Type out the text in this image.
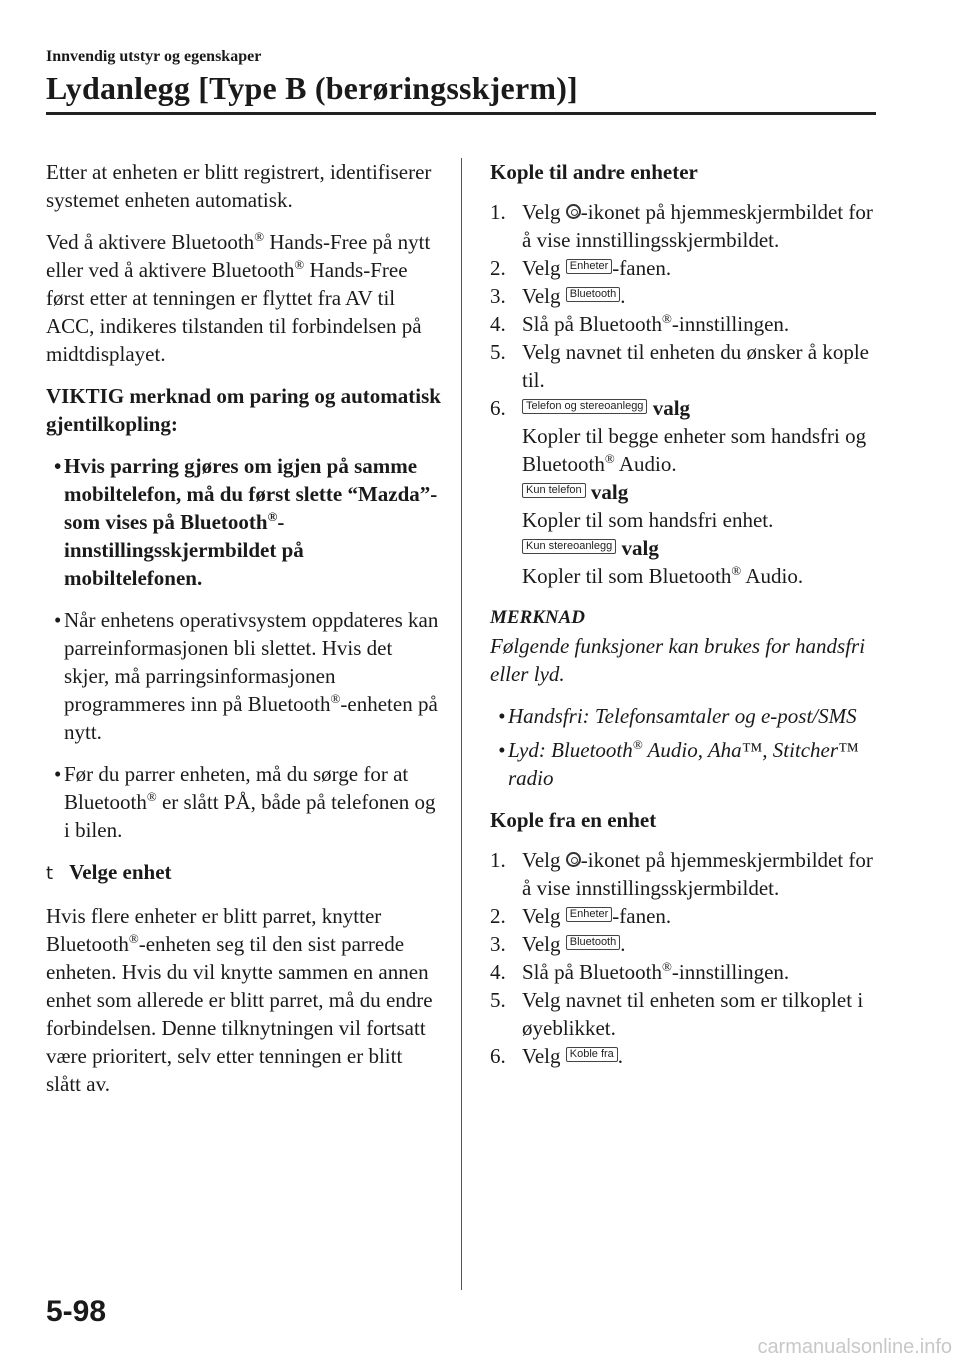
Innvendig utstyr og egenskaper
Lydanlegg [Type B (berøringsskjerm)]

Etter at enheten er blitt registrert, identifiserer systemet enheten automatisk.

Ved å aktivere Bluetooth® Hands-Free på nytt eller ved å aktivere Bluetooth® Hands-Free først etter at tenningen er flyttet fra AV til ACC, indikeres tilstanden til forbindelsen på midtdisplayet.

VIKTIG merknad om paring og automatisk gjentilkopling:

• Hvis parring gjøres om igjen på samme mobiltelefon, må du først slette “Mazda”-som vises på Bluetooth®-innstillingsskjermbildet på mobiltelefonen.
• Når enhetens operativsystem oppdateres kan parreinformasjonen bli slettet. Hvis det skjer, må parringsinformasjonen programmeres inn på Bluetooth®-enheten på nytt.
• Før du parrer enheten, må du sørge for at Bluetooth® er slått PÅ, både på telefonen og i bilen.

t Velge enhet

Hvis flere enheter er blitt parret, knytter Bluetooth®-enheten seg til den sist parrede enheten. Hvis du vil knytte sammen en annen enhet som allerede er blitt parret, må du endre forbindelsen. Denne tilknytningen vil fortsatt være prioritert, selv etter tenningen er blitt slått av.

Kople til andre enheter

1. Velg -ikonet på hjemmeskjermbildet for å vise innstillingsskjermbildet.
2. Velg Enheter -fanen.
3. Velg Bluetooth .
4. Slå på Bluetooth®-innstillingen.
5. Velg navnet til enheten du ønsker å kople til.
6. Telefon og stereoanlegg valg

Kopler til begge enheter som handsfri og Bluetooth® Audio.

Kun telefon valg

Kopler til som handsfri enhet.

Kun stereoanlegg valg

Kopler til som Bluetooth® Audio.

MERKNAD

Følgende funksjoner kan brukes for handsfri eller lyd.

• Handsfri: Telefonsamtaler og e-post/SMS
• Lyd: Bluetooth® Audio, Aha™, Stitcher™ radio

Kople fra en enhet

1. Velg -ikonet på hjemmeskjermbildet for å vise innstillingsskjermbildet.
2. Velg Enheter -fanen.
3. Velg Bluetooth .
4. Slå på Bluetooth®-innstillingen.
5. Velg navnet til enheten som er tilkoplet i øyeblikket.
6. Velg Koble fra .
5-98
carmanualsonline.info
